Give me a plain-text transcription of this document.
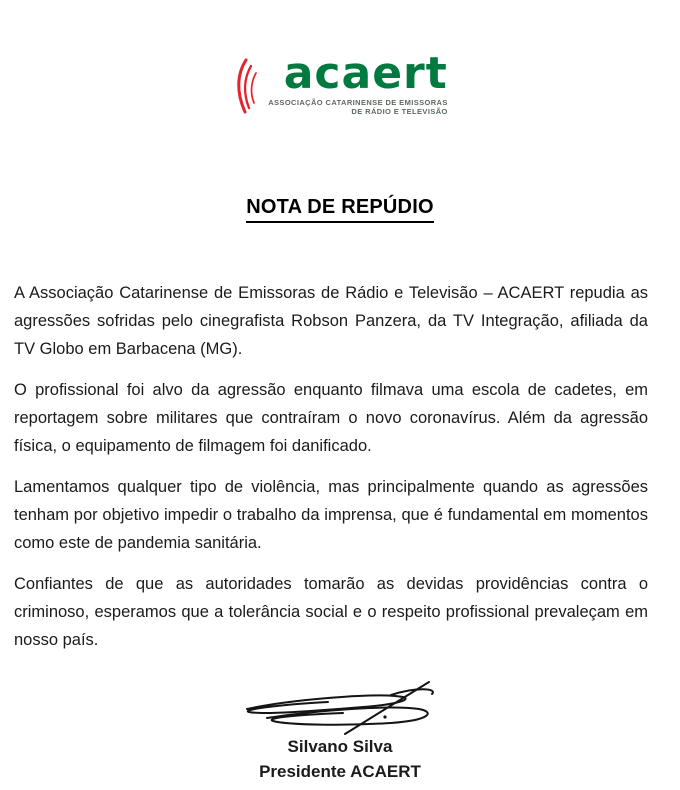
acaert
ASSOCIAÇÃO CATARINENSE DE EMISSORAS
DE RÁDIO E TELEVISÃO
NOTA DE REPÚDIO

A Associação Catarinense de Emissoras de Rádio e Televisão – ACAERT repudia as agressões sofridas pelo cinegrafista Robson Panzera, da TV Integração, afiliada da TV Globo em Barbacena (MG).

O profissional foi alvo da agressão enquanto filmava uma escola de cadetes, em reportagem sobre militares que contraíram o novo coronavírus. Além da agressão física, o equipamento de filmagem foi danificado.

Lamentamos qualquer tipo de violência, mas principalmente quando as agressões tenham por objetivo impedir o trabalho da imprensa, que é fundamental em momentos como este de pandemia sanitária.

Confiantes de que as autoridades tomarão as devidas providências contra o criminoso, esperamos que a tolerância social e o respeito profissional prevaleçam em nosso país.

Silvano Silva
Presidente ACAERT
